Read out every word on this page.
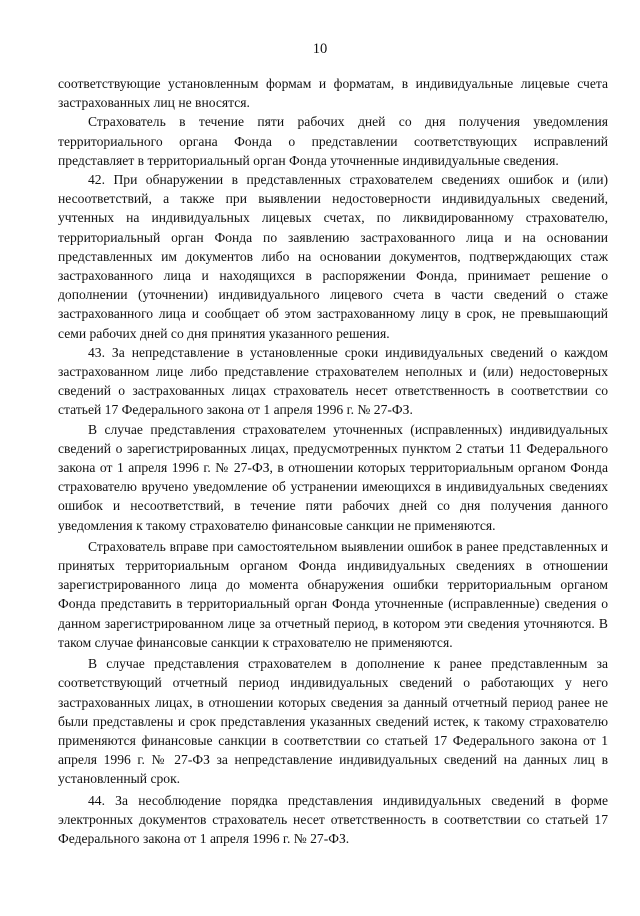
10

соответствующие установленным формам и форматам, в индивидуальные лицевые счета застрахованных лиц не вносятся.

Страхователь в течение пяти рабочих дней со дня получения уведомления территориального органа Фонда о представлении соответствующих исправлений представляет в территориальный орган Фонда уточненные индивидуальные сведения.

42. При обнаружении в представленных страхователем сведениях ошибок и (или) несоответствий, а также при выявлении недостоверности индивидуальных сведений, учтенных на индивидуальных лицевых счетах, по ликвидированному страхователю, территориальный орган Фонда по заявлению застрахованного лица и на основании представленных им документов либо на основании документов, подтверждающих стаж застрахованного лица и находящихся в распоряжении Фонда, принимает решение о дополнении (уточнении) индивидуального лицевого счета в части сведений о стаже застрахованного лица и сообщает об этом застрахованному лицу в срок, не превышающий семи рабочих дней со дня принятия указанного решения.

43. За непредставление в установленные сроки индивидуальных сведений о каждом застрахованном лице либо представление страхователем неполных и (или) недостоверных сведений о застрахованных лицах страхователь несет ответственность в соответствии со статьей 17 Федерального закона от 1 апреля 1996 г. № 27-ФЗ.

В случае представления страхователем уточненных (исправленных) индивидуальных сведений о зарегистрированных лицах, предусмотренных пунктом 2 статьи 11 Федерального закона от 1 апреля 1996 г. № 27-ФЗ, в отношении которых территориальным органом Фонда страхователю вручено уведомление об устранении имеющихся в индивидуальных сведениях ошибок и несоответствий, в течение пяти рабочих дней со дня получения данного уведомления к такому страхователю финансовые санкции не применяются.

Страхователь вправе при самостоятельном выявлении ошибок в ранее представленных и принятых территориальным органом Фонда индивидуальных сведениях в отношении зарегистрированного лица до момента обнаружения ошибки территориальным органом Фонда представить в территориальный орган Фонда уточненные (исправленные) сведения о данном зарегистрированном лице за отчетный период, в котором эти сведения уточняются. В таком случае финансовые санкции к страхователю не применяются.

В случае представления страхователем в дополнение к ранее представленным за соответствующий отчетный период индивидуальных сведений о работающих у него застрахованных лицах, в отношении которых сведения за данный отчетный период ранее не были представлены и срок представления указанных сведений истек, к такому страхователю применяются финансовые санкции в соответствии со статьей 17 Федерального закона от 1 апреля 1996 г. № 27-ФЗ за непредставление индивидуальных сведений на данных лиц в установленный срок.

44. За несоблюдение порядка представления индивидуальных сведений в форме электронных документов страхователь несет ответственность в соответствии со статьей 17 Федерального закона от 1 апреля 1996 г. № 27-ФЗ.
